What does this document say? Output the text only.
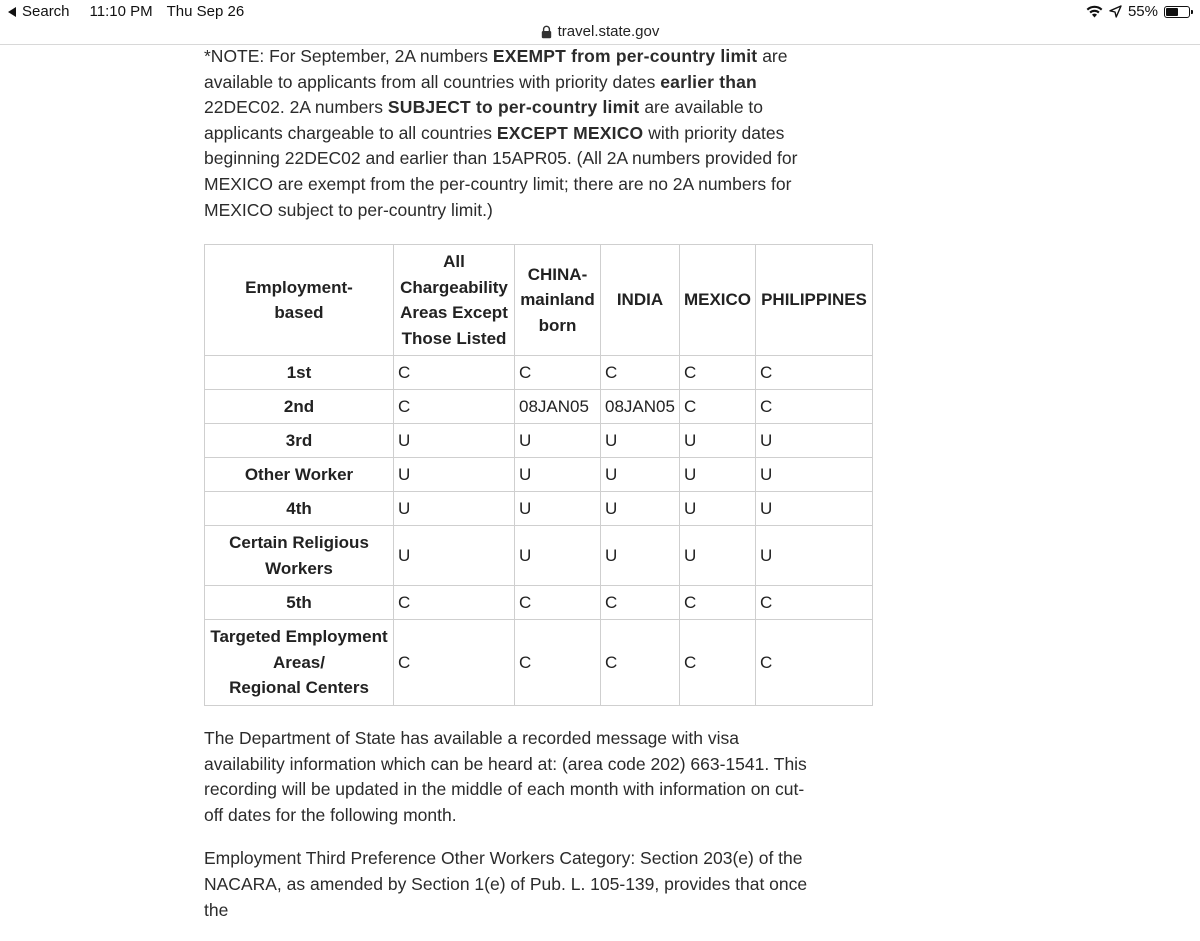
Search 11:10 PM Thu Sep 26	55%
travel.state.gov

*NOTE: For September, 2A numbers EXEMPT from per-country limit are available to applicants from all countries with priority dates earlier than 22DEC02. 2A numbers SUBJECT to per-country limit are available to applicants chargeable to all countries EXCEPT MEXICO with priority dates beginning 22DEC02 and earlier than 15APR05. (All 2A numbers provided for MEXICO are exempt from the per-country limit; there are no 2A numbers for MEXICO subject to per-country limit.)

Employment-
based	All
Chargeability
Areas Except
Those Listed	CHINA-
mainland
born	INDIA	MEXICO	PHILIPPINES
1st	C	C	C	C	C
2nd	C	08JAN05	08JAN05	C	C
3rd	U	U	U	U	U
Other Worker	U	U	U	U	U
4th	U	U	U	U	U
Certain Religious
Workers	U	U	U	U	U
5th	C	C	C	C	C
Targeted Employment
Areas/
Regional Centers	C	C	C	C	C

The Department of State has available a recorded message with visa availability information which can be heard at: (area code 202) 663-1541. This recording will be updated in the middle of each month with information on cut-off dates for the following month.

Employment Third Preference Other Workers Category: Section 203(e) of the NACARA, as amended by Section 1(e) of Pub. L. 105-139, provides that once the
